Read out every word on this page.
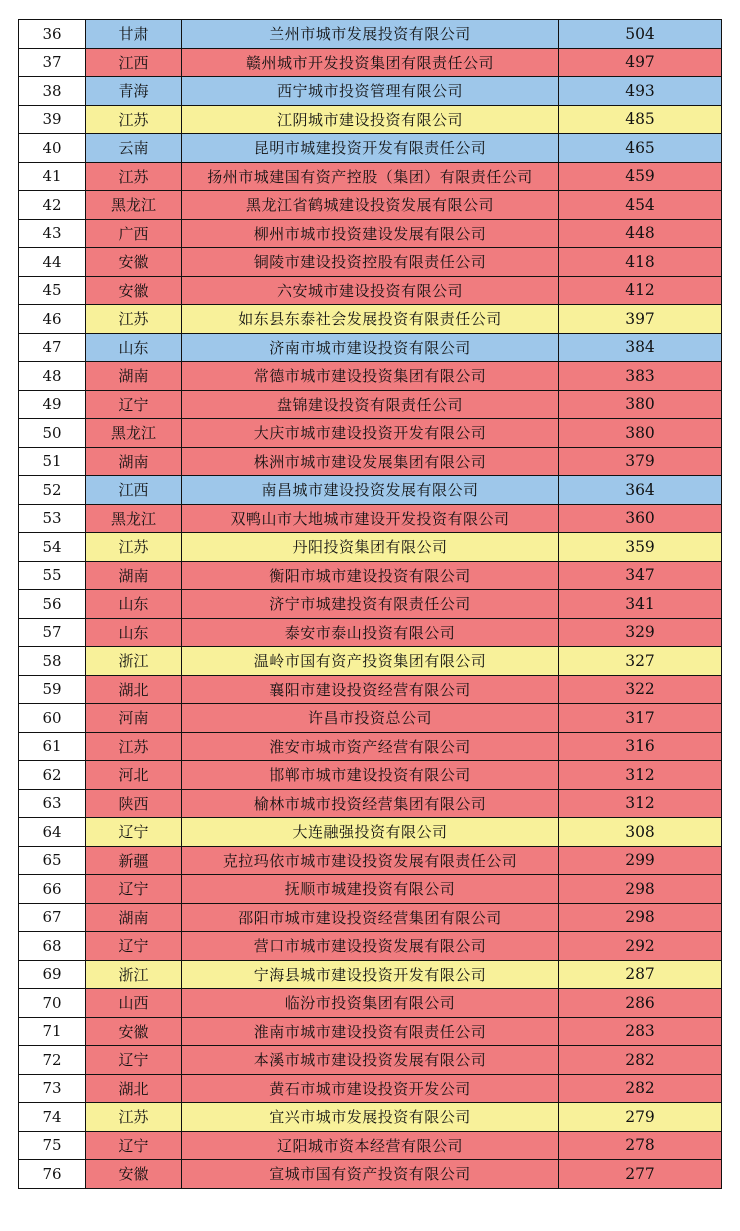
36	甘肃	兰州市城市发展投资有限公司	504
37	江西	赣州城市开发投资集团有限责任公司	497
38	青海	西宁城市投资管理有限公司	493
39	江苏	江阴城市建设投资有限公司	485
40	云南	昆明市城建投资开发有限责任公司	465
41	江苏	扬州市城建国有资产控股（集团）有限责任公司	459
42	黑龙江	黑龙江省鹤城建设投资发展有限公司	454
43	广西	柳州市城市投资建设发展有限公司	448
44	安徽	铜陵市建设投资控股有限责任公司	418
45	安徽	六安城市建设投资有限公司	412
46	江苏	如东县东泰社会发展投资有限责任公司	397
47	山东	济南市城市建设投资有限公司	384
48	湖南	常德市城市建设投资集团有限公司	383
49	辽宁	盘锦建设投资有限责任公司	380
50	黑龙江	大庆市城市建设投资开发有限公司	380
51	湖南	株洲市城市建设发展集团有限公司	379
52	江西	南昌城市建设投资发展有限公司	364
53	黑龙江	双鸭山市大地城市建设开发投资有限公司	360
54	江苏	丹阳投资集团有限公司	359
55	湖南	衡阳市城市建设投资有限公司	347
56	山东	济宁市城建投资有限责任公司	341
57	山东	泰安市泰山投资有限公司	329
58	浙江	温岭市国有资产投资集团有限公司	327
59	湖北	襄阳市建设投资经营有限公司	322
60	河南	许昌市投资总公司	317
61	江苏	淮安市城市资产经营有限公司	316
62	河北	邯郸市城市建设投资有限公司	312
63	陕西	榆林市城市投资经营集团有限公司	312
64	辽宁	大连融强投资有限公司	308
65	新疆	克拉玛依市城市建设投资发展有限责任公司	299
66	辽宁	抚顺市城建投资有限公司	298
67	湖南	邵阳市城市建设投资经营集团有限公司	298
68	辽宁	营口市城市建设投资发展有限公司	292
69	浙江	宁海县城市建设投资开发有限公司	287
70	山西	临汾市投资集团有限公司	286
71	安徽	淮南市城市建设投资有限责任公司	283
72	辽宁	本溪市城市建设投资发展有限公司	282
73	湖北	黄石市城市建设投资开发公司	282
74	江苏	宜兴市城市发展投资有限公司	279
75	辽宁	辽阳城市资本经营有限公司	278
76	安徽	宣城市国有资产投资有限公司	277
